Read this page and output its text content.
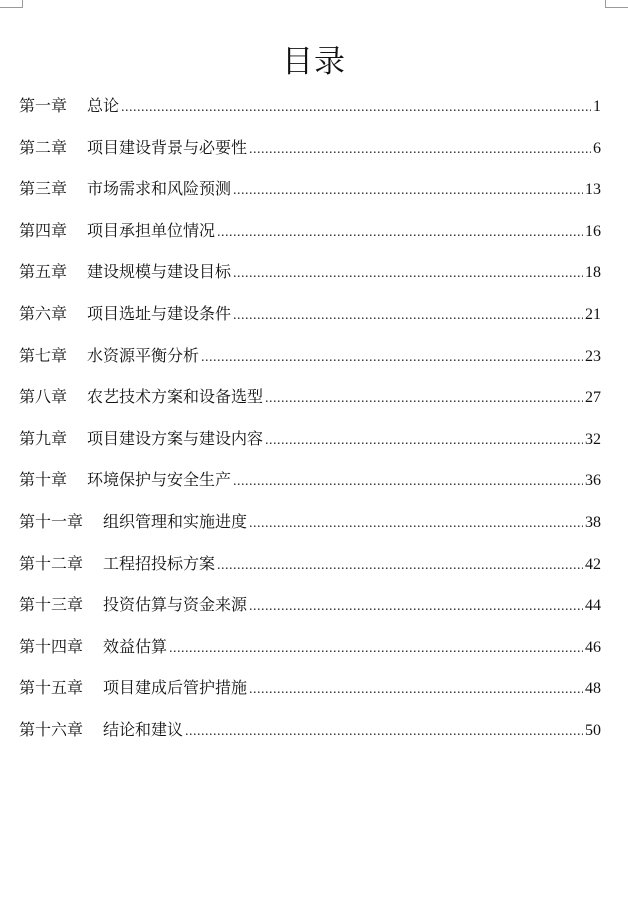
目录
第一章	总论 .....	1
第二章	项目建设背景与必要性 .....	6
第三章	市场需求和风险预测 .....	13
第四章	项目承担单位情况 .....	16
第五章	建设规模与建设目标 .....	18
第六章	项目选址与建设条件 .....	21
第七章	水资源平衡分析 .....	23
第八章	农艺技术方案和设备选型 .....	27
第九章	项目建设方案与建设内容 .....	32
第十章	环境保护与安全生产 .....	36
第十一章	组织管理和实施进度 .....	38
第十二章	工程招投标方案 .....	42
第十三章	投资估算与资金来源 .....	44
第十四章	效益估算 .....	46
第十五章	项目建成后管护措施 .....	48
第十六章	结论和建议 .....	50
